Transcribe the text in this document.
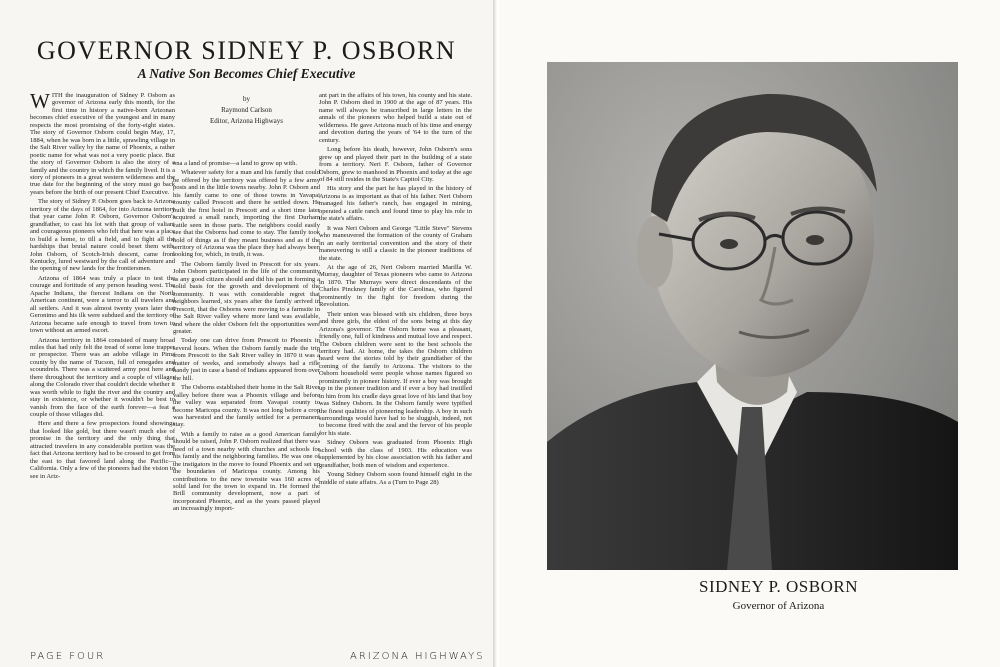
GOVERNOR SIDNEY P. OSBORN
A Native Son Becomes Chief Executive

WITH the inauguration of Sidney P. Osborn as governor of Arizona early this month, for the first time in history a native-born Arizonan becomes chief executive of the youngest and in many respects the most promising of the forty-eight states. The story of Governor Osborn could begin May, 17, 1884, when he was born in a little, sprawling village in the Salt River valley by the name of Phoenix, a rather poetic name for what was not a very poetic place. But the story of Governor Osborn is also the story of a family and the country in which the family lived. It is a story of pioneers in a great western wilderness and the true date for the beginning of the story must go back years before the birth of our present Chief Executive.

The story of Sidney P. Osborn goes back to Arizona territory of the days of 1864, for into Arizona territory that year came John P. Osborn, Governor Osborn's grandfather, to cast his lot with that group of valiant and courageous pioneers who felt that here was a place to build a home, to till a field, and to fight all the hardships that brutal nature could beset them with. John Osborn, of Scotch-Irish descent, came from Kentucky, lured westward by the call of adventure and the opening of new lands for the frontiersmen.

Arizona of 1864 was truly a place to test the courage and fortitude of any person heading west. The Apache Indians, the fiercest Indians on the North American continent, were a terror to all travelers and all settlers. And it was almost twenty years later that Geronimo and his ilk were subdued and the territory of Arizona became safe enough to travel from town to town without an armed escort.

Arizona territory in 1864 consisted of many broad miles that had only felt the tread of some lone trapper or prospector. There was an adobe village in Pima county by the name of Tucson, full of renegades and scoundrels. There was a scattered army post here and there throughout the territory and a couple of villages along the Colorado river that couldn't decide whether it was worth while to fight the river and the country and stay in existence, or whether it wouldn't be best to vanish from the face of the earth forever—a feat a couple of those villages did.

Here and there a few prospectors found showings that looked like gold, but there wasn't much else of promise in the territory and the only thing that attracted travelers in any considerable portion was the fact that Arizona territory had to be crossed to get from the east to that favored land along the Pacific—California. Only a few of the pioneers had the vision to see in Ariz-

by
Raymond Carlson
Editor, Arizona Highways

ona a land of promise—a land to grow up with.

Whatever safety for a man and his family that could be offered by the territory was offered by a few army posts and in the little towns nearby. John P. Osborn and his family came to one of those towns in Yavapai county called Prescott and there he settled down. He built the first hotel in Prescott and a short time later acquired a small ranch, importing the first Durham cattle seen in those parts. The neighbors could easily see that the Osborns had come to stay. The family took hold of things as if they meant business and as if the territory of Arizona was the place they had always been looking for, which, in truth, it was.

The Osborn family lived in Prescott for six years. John Osborn participated in the life of the community as any good citizen should and did his part in forming a solid basis for the growth and development of the community. It was with considerable regret that neighbors learned, six years after the family arrived in Prescott, that the Osborns were moving to a farmsite in the Salt River valley where more land was available, and where the older Osborn felt the opportunities were greater.

Today one can drive from Prescott to Phoenix in several hours. When the Osborn family made the trip from Prescott to the Salt River valley in 1870 it was a matter of weeks, and somebody always had a rifle handy just in case a band of Indians appeared from over the hill.

The Osborns established their home in the Salt River valley before there was a Phoenix village and before the valley was separated from Yavapai county to become Maricopa county. It was not long before a crop was harvested and the family settled for a permanent stay.

With a family to raise as a good American family should be raised, John P. Osborn realized that there was need of a town nearby with churches and schools for his family and the neighboring families. He was one of the instigators in the move to found Phoenix and set up the boundaries of Maricopa county. Among his contributions to the new townsite was 160 acres of solid land for the town to expand in. He formed the Brill community development, now a part of incorporated Phoenix, and as the years passed played an increasingly import-

ant part in the affairs of his town, his county and his state. John P. Osborn died in 1900 at the age of 87 years. His name will always be transcribed in large letters in the annals of the pioneers who helped build a state out of wilderness. He gave Arizona much of his time and energy and devotion during the years of '64 to the turn of the century.

Long before his death, however, John Osborn's sons grew up and played their part in the building of a state from a territory. Neri F. Osborn, father of Governor Osborn, grew to manhood in Phoenix and today at the age of 84 still resides in the State's Capitol City.

His story and the part he has played in the history of Arizona is as important as that of his father. Neri Osborn managed his father's ranch, has engaged in mining, operated a cattle ranch and found time to play his role in the state's affairs.

It was Neri Osborn and George "Little Steve" Stevens who maneuvered the formation of the county of Graham in an early territorial convention and the story of their maneuvering is still a classic in the pioneer traditions of the state.

At the age of 26, Neri Osborn married Marilla W. Murray, daughter of Texas pioneers who came to Arizona in 1870. The Murrays were direct descendants of the Charles Pinckney family of the Carolinas, who figured prominently in the fight for freedom during the Revolution.

Their union was blessed with six children, three boys and three girls, the eldest of the sons being at this day Arizona's governor. The Osborn home was a pleasant, friendly one, full of kindness and mutual love and respect. The Osborn children were sent to the best schools the territory had. At home, the takes the Osborn children heard were the stories told by their grandfather of the coming of the family to Arizona. The visitors to the Osborn household were people whose names figured so prominently in pioneer history. If ever a boy was brought up in the pioneer tradition and if ever a boy had instilled in him from his cradle days great love of his land that boy was Sidney Osborn. In the Osborn family were typified the finest qualities of pioneering leadership. A boy in such surroundings would have had to be sluggish, indeed, not to become fired with the zeal and the fervor of his people for his state.

Sidney Osborn was graduated from Phoenix High school with the class of 1903. His education was supplemented by his close association with his father and grandfather, both men of wisdom and experience.

Young Sidney Osborn soon found himself right in the middle of state affairs. As a (Turn to Page 28)

PAGE FOUR	ARIZONA HIGHWAYS
SIDNEY P. OSBORN
Governor of Arizona
